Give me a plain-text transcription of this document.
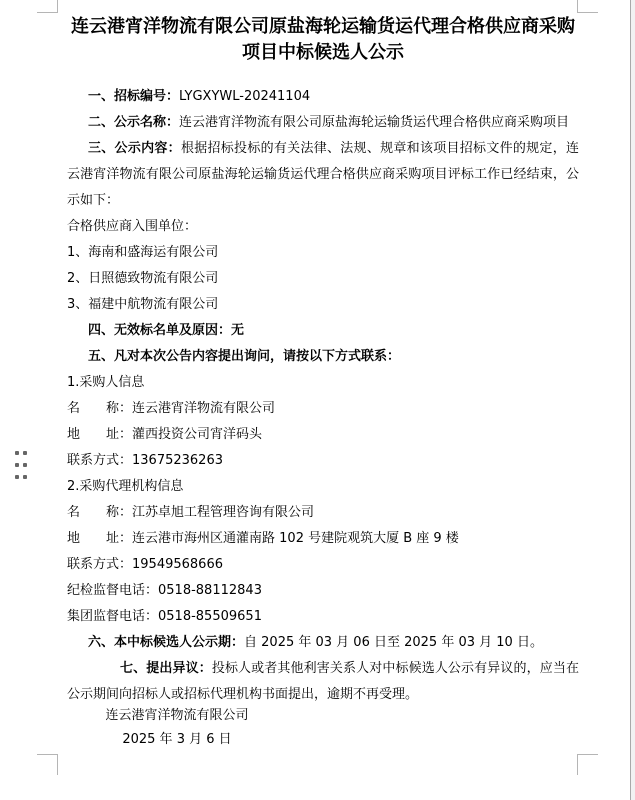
连云港宵洋物流有限公司原盐海轮运输货运代理合格供应商采购

项目中标候选人公示

一、招标编号：LYGXYWL-20241104

二、公示名称：连云港宵洋物流有限公司原盐海轮运输货运代理合格供应商采购项目

三、公示内容：根据招标投标的有关法律、法规、规章和该项目招标文件的规定，连云港宵洋物流有限公司原盐海轮运输货运代理合格供应商采购项目评标工作已经结束，公示如下：

合格供应商入围单位：

1、海南和盛海运有限公司

2、日照德致物流有限公司

3、福建中航物流有限公司

四、无效标名单及原因：无

五、凡对本次公告内容提出询问，请按以下方式联系：

1.采购人信息

名　　称：连云港宵洋物流有限公司

地　　址：灌西投资公司宵洋码头

联系方式：13675236263

2.采购代理机构信息

名　　称：江苏卓旭工程管理咨询有限公司

地　　址：连云港市海州区通灌南路 102 号建院观筑大厦 B 座 9 楼

联系方式：19549568666

纪检监督电话：0518-88112843

集团监督电话：0518-85509651

六、本中标候选人公示期：自 2025 年 03 月 06 日至 2025 年 03 月 10 日。

七、提出异议：投标人或者其他利害关系人对中标候选人公示有异议的，应当在公示期间向招标人或招标代理机构书面提出，逾期不再受理。

连云港宵洋物流有限公司

2025 年 3 月 6 日
